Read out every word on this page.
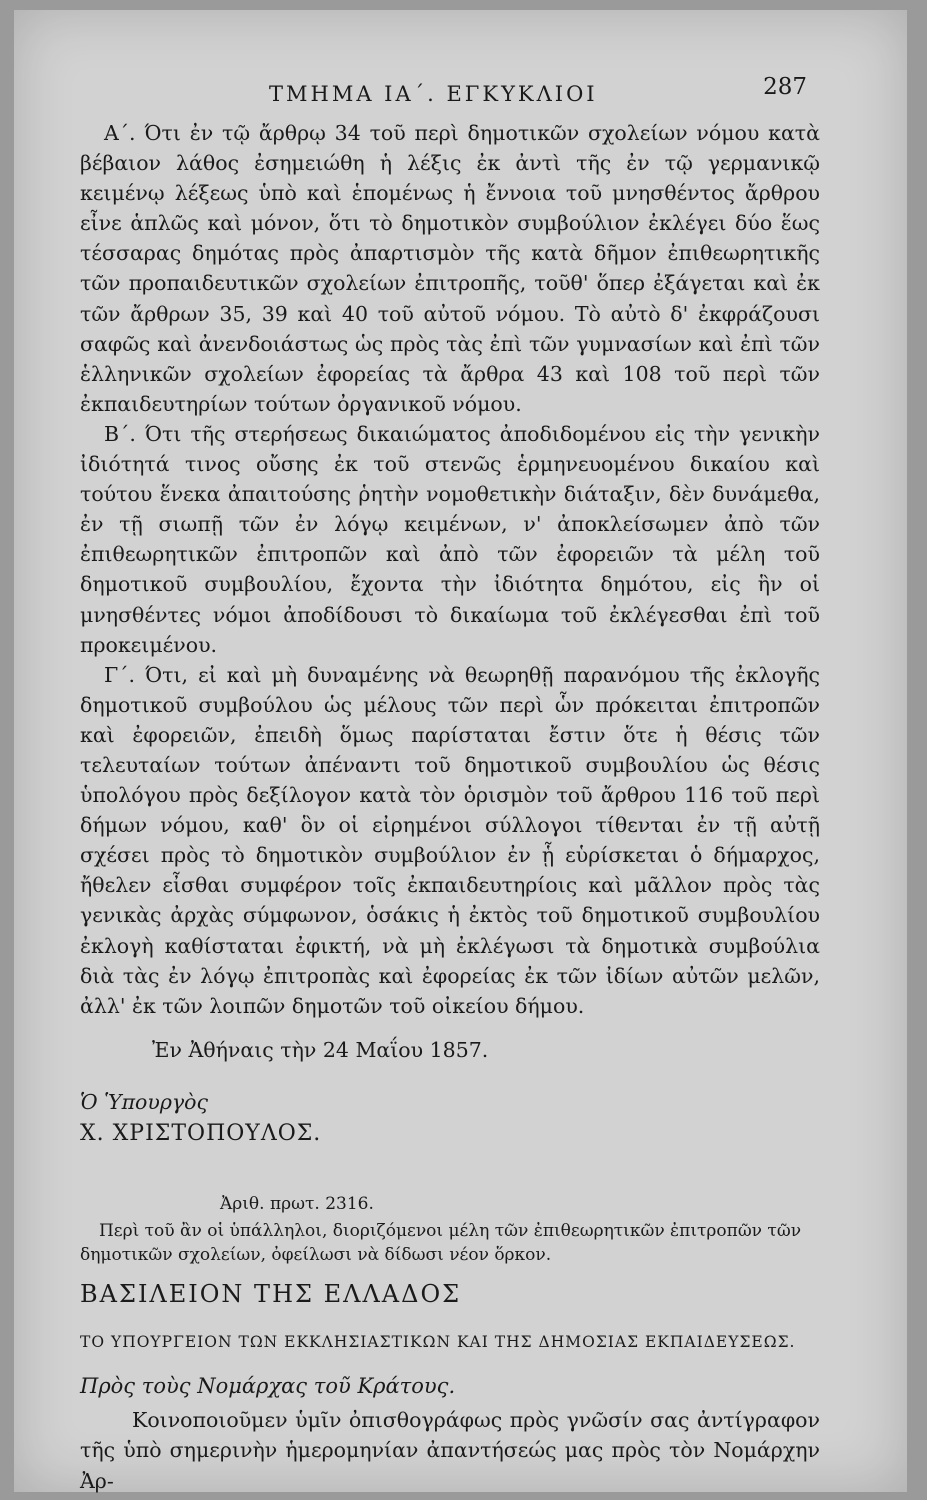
ΤΜΗΜΑ ΙΑ΄. ΕΓΚΥΚΛΙΟΙ	287

Α΄. Ότι ἐν τῷ ἄρθρῳ 34 τοῦ περὶ δημοτικῶν σχολείων νόμου κατὰ βέβαιον λάθος ἐσημειώθη ἡ λέξις ἐκ ἀντὶ τῆς ἐν τῷ γερμανικῷ κειμένῳ λέξεως ὑπὸ καὶ ἑπομένως ἡ ἔννοια τοῦ μνησθέντος ἄρθρου εἶνε ἁπλῶς καὶ μόνον, ὅτι τὸ δημοτικὸν συμβούλιον ἐκλέγει δύο ἕως τέσσαρας δημότας πρὸς ἀπαρτισμὸν τῆς κατὰ δῆμον ἐπιθεωρητικῆς τῶν προπαιδευτικῶν σχολείων ἐπιτροπῆς, τοῦθ' ὅπερ ἐξάγεται καὶ ἐκ τῶν ἄρθρων 35, 39 καὶ 40 τοῦ αὐτοῦ νόμου. Τὸ αὐτὸ δ' ἐκφράζουσι σαφῶς καὶ ἀνενδοιάστως ὡς πρὸς τὰς ἐπὶ τῶν γυμνασίων καὶ ἐπὶ τῶν ἑλληνικῶν σχολείων ἐφορείας τὰ ἄρθρα 43 καὶ 108 τοῦ περὶ τῶν ἐκπαιδευτηρίων τούτων ὀργανικοῦ νόμου.

Β΄. Ότι τῆς στερήσεως δικαιώματος ἀποδιδομένου εἰς τὴν γενικὴν ἰδιότητά τινος οὔσης ἐκ τοῦ στενῶς ἑρμηνευομένου δικαίου καὶ τούτου ἕνεκα ἀπαιτούσης ῥητὴν νομοθετικὴν διάταξιν, δὲν δυνάμεθα, ἐν τῇ σιωπῇ τῶν ἐν λόγῳ κειμένων, ν' ἀποκλείσωμεν ἀπὸ τῶν ἐπιθεωρητικῶν ἐπιτροπῶν καὶ ἀπὸ τῶν ἐφορειῶν τὰ μέλη τοῦ δημοτικοῦ συμβουλίου, ἔχοντα τὴν ἰδιότητα δημότου, εἰς ἣν οἱ μνησθέντες νόμοι ἀποδίδουσι τὸ δικαίωμα τοῦ ἐκλέγεσθαι ἐπὶ τοῦ προκειμένου.

Γ΄. Ότι, εἰ καὶ μὴ δυναμένης νὰ θεωρηθῇ παρανόμου τῆς ἐκλογῆς δημοτικοῦ συμβούλου ὡς μέλους τῶν περὶ ὧν πρόκειται ἐπιτροπῶν καὶ ἐφορειῶν, ἐπειδὴ ὅμως παρίσταται ἔστιν ὅτε ἡ θέσις τῶν τελευταίων τούτων ἀπέναντι τοῦ δημοτικοῦ συμβουλίου ὡς θέσις ὑπολόγου πρὸς δεξίλογον κατὰ τὸν ὁρισμὸν τοῦ ἄρθρου 116 τοῦ περὶ δήμων νόμου, καθ' ὃν οἱ εἰρημένοι σύλλογοι τίθενται ἐν τῇ αὐτῇ σχέσει πρὸς τὸ δημοτικὸν συμβούλιον ἐν ᾗ εὑρίσκεται ὁ δήμαρχος, ἤθελεν εἶσθαι συμφέρον τοῖς ἐκπαιδευτηρίοις καὶ μᾶλλον πρὸς τὰς γενικὰς ἀρχὰς σύμφωνον, ὁσάκις ἡ ἐκτὸς τοῦ δημοτικοῦ συμβουλίου ἐκλογὴ καθίσταται ἐφικτή, νὰ μὴ ἐκλέγωσι τὰ δημοτικὰ συμβούλια διὰ τὰς ἐν λόγῳ ἐπιτροπὰς καὶ ἐφορείας ἐκ τῶν ἰδίων αὐτῶν μελῶν, ἀλλ' ἐκ τῶν λοιπῶν δημοτῶν τοῦ οἰκείου δήμου.

Ἐν Ἀθήναις τὴν 24 Μαΐου 1857.

Ὁ Ὑπουργὸς

Χ. ΧΡΙΣΤΟΠΟΥΛΟΣ.

Ἀριθ. πρωτ. 2316.

Περὶ τοῦ ἂν οἱ ὑπάλληλοι, διοριζόμενοι μέλη τῶν ἐπιθεωρητικῶν ἐπιτροπῶν τῶν δημοτικῶν σχολείων, ὀφείλωσι νὰ δίδωσι νέον ὅρκον.

ΒΑΣΙΛΕΙΟΝ ΤΗΣ ΕΛΛΑΔΟΣ

ΤΟ ΥΠΟΥΡΓΕΙΟΝ ΤΩΝ ΕΚΚΛΗΣΙΑΣΤΙΚΩΝ ΚΑΙ ΤΗΣ ΔΗΜΟΣΙΑΣ ΕΚΠΑΙΔΕΥΣΕΩΣ.

Πρὸς τοὺς Νομάρχας τοῦ Κράτους.

Κοινοποιοῦμεν ὑμῖν ὀπισθογράφως πρὸς γνῶσίν σας ἀντίγραφον τῆς ὑπὸ σημερινὴν ἡμερομηνίαν ἀπαντήσεώς μας πρὸς τὸν Νομάρχην Ἀρ-
